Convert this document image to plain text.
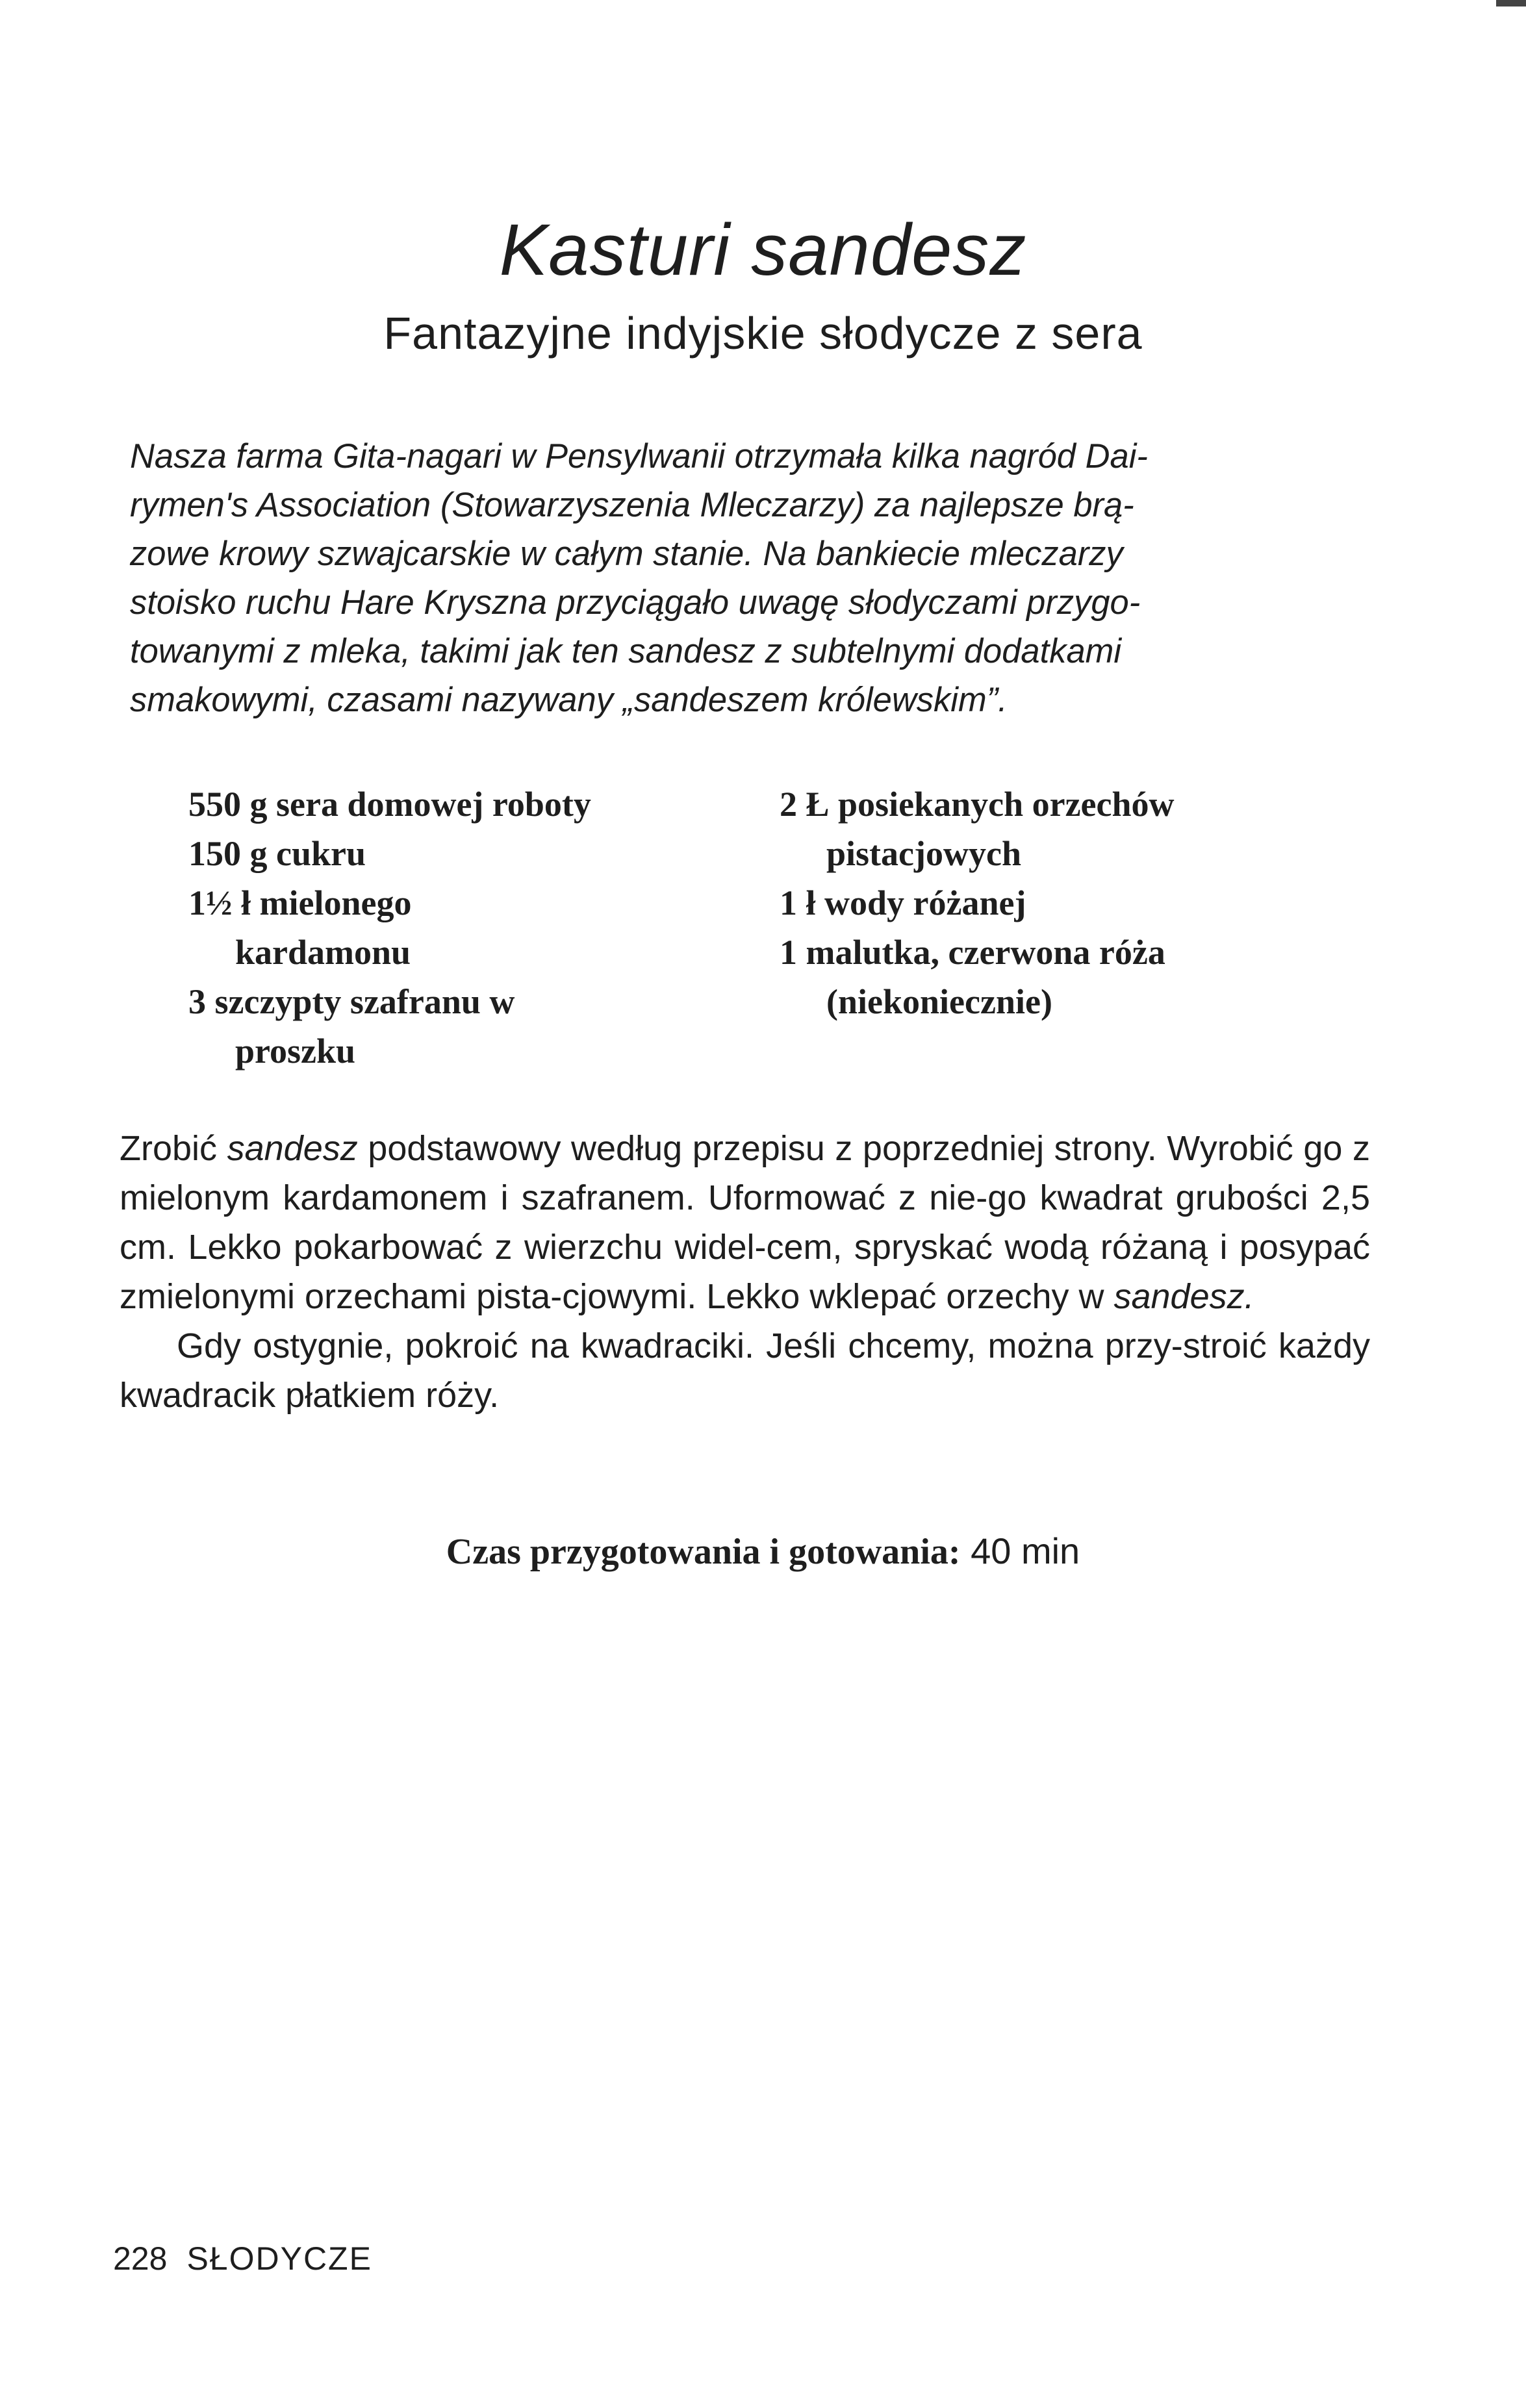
Kasturi sandesz
Fantazyjne indyjskie słodycze z sera
Nasza farma Gita-nagari w Pensylwanii otrzymała kilka nagród Dai-
rymen's Association (Stowarzyszenia Mleczarzy) za najlepsze brą-
zowe krowy szwajcarskie w całym stanie. Na bankiecie mleczarzy
stoisko ruchu Hare Kryszna przyciągało uwagę słodyczami przygo-
towanymi z mleka, takimi jak ten sandesz z subtelnymi dodatkami
smakowymi, czasami nazywany „sandeszem królewskim”.
550 g sera domowej roboty
150 g cukru
1½ ł mielonego kardamonu
3 szczypty szafranu w proszku
2 Ł posiekanych orzechów pistacjowych
1 ł wody różanej
1 malutka, czerwona róża (niekoniecznie)

Zrobić sandesz podstawowy według przepisu z poprzedniej strony. Wyrobić go z mielonym kardamonem i szafranem. Uformować z nie-go kwadrat grubości 2,5 cm. Lekko pokarbować z wierzchu widel-cem, spryskać wodą różaną i posypać zmielonymi orzechami pista-cjowymi. Lekko wklepać orzechy w sandesz.

Gdy ostygnie, pokroić na kwadraciki. Jeśli chcemy, można przy-stroić każdy kwadracik płatkiem róży.

Czas przygotowania i gotowania: 40 min
228 SŁODYCZE
